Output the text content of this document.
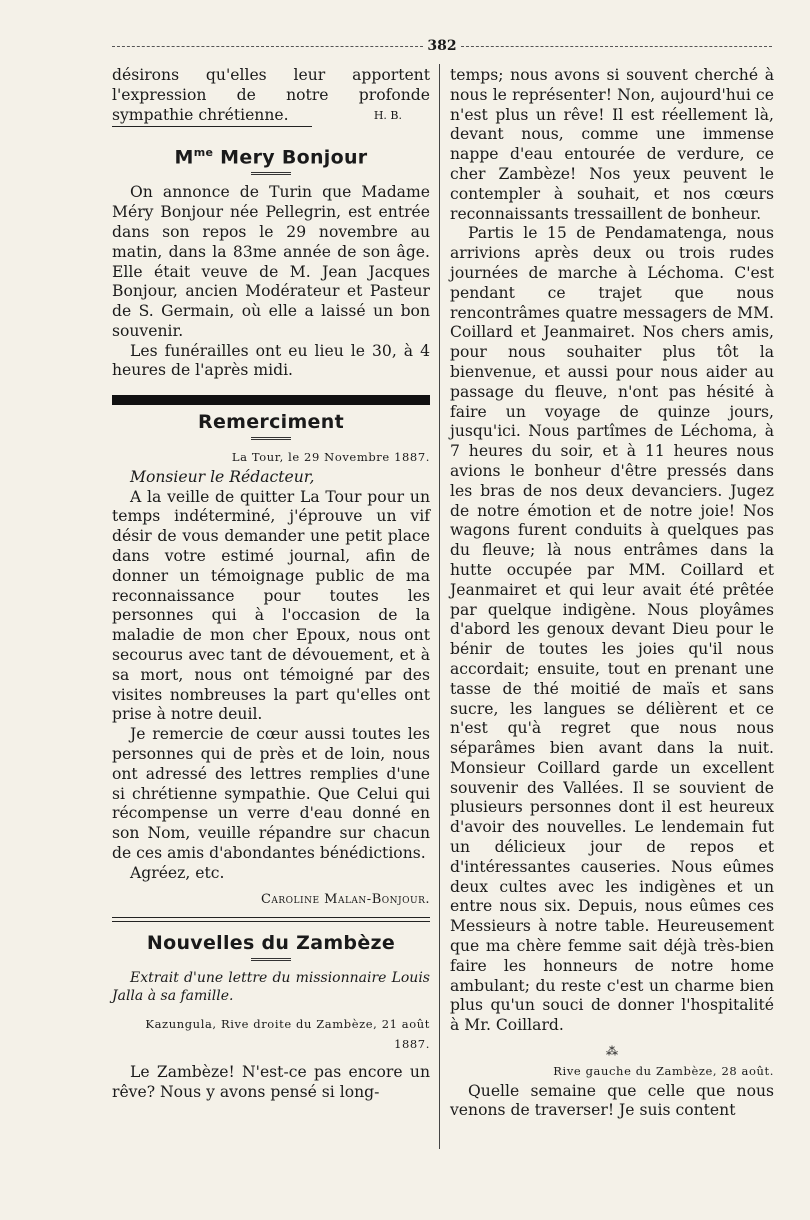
382

désirons qu'elles leur apportent l'expression de notre profonde sympathie chrétienne.	H. B.
$M^{me}$ Mery Bonjour

On annonce de Turin que Madame Méry Bonjour née Pellegrin, est entrée dans son repos le 29 novembre au matin, dans la 83me année de son âge. Elle était veuve de M. Jean Jacques Bonjour, ancien Modérateur et Pasteur de S. Germain, où elle a laissé un bon souvenir.

Les funérailles ont eu lieu le 30, à 4 heures de l'après midi.

Remerciment
La Tour, le 29 Novembre 1887.

Monsieur le Rédacteur,

A la veille de quitter La Tour pour un temps indéterminé, j'éprouve un vif désir de vous demander une petit place dans votre estimé journal, afin de donner un témoignage public de ma reconnaissance pour toutes les personnes qui à l'occasion de la maladie de mon cher Epoux, nous ont secourus avec tant de dévouement, et à sa mort, nous ont témoigné par des visites nombreuses la part qu'elles ont prise à notre deuil.

Je remercie de cœur aussi toutes les personnes qui de près et de loin, nous ont adressé des lettres remplies d'une si chrétienne sympathie. Que Celui qui récompense un verre d'eau donné en son Nom, veuille répandre sur chacun de ces amis d'abondantes bénédictions.

Agréez, etc.

Caroline Malan-Bonjour.
Nouvelles du Zambèze

Extrait d'une lettre du missionnaire Louis Jalla à sa famille.

Kazungula, Rive droite du Zambèze, 21 août 1887.

Le Zambèze! N'est-ce pas encore un rêve? Nous y avons pensé si long-

temps; nous avons si souvent cherché à nous le représenter! Non, aujourd'hui ce n'est plus un rêve! Il est réellement là, devant nous, comme une immense nappe d'eau entourée de verdure, ce cher Zambèze! Nos yeux peuvent le contempler à souhait, et nos cœurs reconnaissants tressaillent de bonheur.

Partis le 15 de Pendamatenga, nous arrivions après deux ou trois rudes journées de marche à Léchoma. C'est pendant ce trajet que nous rencontrâmes quatre messagers de MM. Coillard et Jeanmairet. Nos chers amis, pour nous souhaiter plus tôt la bienvenue, et aussi pour nous aider au passage du fleuve, n'ont pas hésité à faire un voyage de quinze jours, jusqu'ici. Nous partîmes de Léchoma, à 7 heures du soir, et à 11 heures nous avions le bonheur d'être pressés dans les bras de nos deux devanciers. Jugez de notre émotion et de notre joie! Nos wagons furent conduits à quelques pas du fleuve; là nous entrâmes dans la hutte occupée par MM. Coillard et Jeanmairet et qui leur avait été prêtée par quelque indigène. Nous ployâmes d'abord les genoux devant Dieu pour le bénir de toutes les joies qu'il nous accordait; ensuite, tout en prenant une tasse de thé moitié de maïs et sans sucre, les langues se délièrent et ce n'est qu'à regret que nous nous séparâmes bien avant dans la nuit. Monsieur Coillard garde un excellent souvenir des Vallées. Il se souvient de plusieurs personnes dont il est heureux d'avoir des nouvelles. Le lendemain fut un délicieux jour de repos et d'intéressantes causeries. Nous eûmes deux cultes avec les indigènes et un entre nous six. Depuis, nous eûmes ces Messieurs à notre table. Heureusement que ma chère femme sait déjà très-bien faire les honneurs de notre home ambulant; du reste c'est un charme bien plus qu'un souci de donner l'hospitalité à Mr. Coillard.

⁂
Rive gauche du Zambèze, 28 août.

Quelle semaine que celle que nous venons de traverser! Je suis content
